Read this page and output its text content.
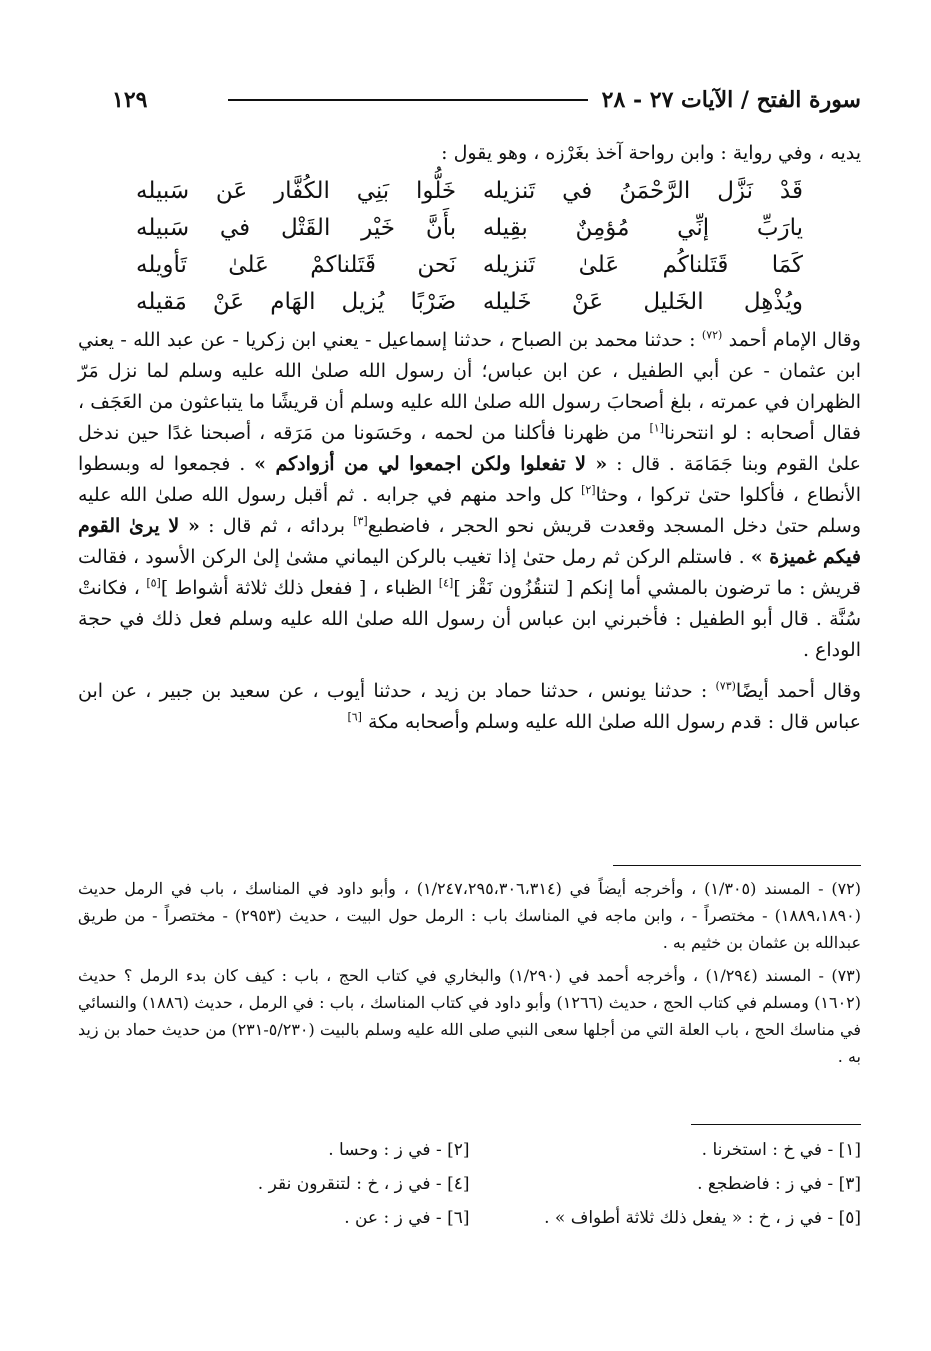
سورة الفتح / الآيات ٢٧ - ٢٨
١٢٩

يديه ، وفي رواية : وابن رواحة آخذ بغَرْزه ، وهو يقول :

قَدْ نَزَّل الرَّحْمَنُ في تَنزيله
خَلُّوا بَنِي الكُفَّار عَن سَبيله
يارَبِّ إنِّي مُؤمِنٌ بقِيله
بأَنَّ خَيْر القَتْل في سَبيله
كَمَا قَتَلناكُم عَلىٰ تَنزيله
نَحن قَتَلناكمْ عَلىٰ تَأويله
ويُذْهِل الخَليل عَنْ خَليله
ضَرْبًا يُزيل الهَام عَنْ مَقيله

وقال الإمام أحمد $^{(٧٢)}$ : حدثنا محمد بن الصباح ، حدثنا إسماعيل - يعني ابن زكريا - عن عبد الله - يعني ابن عثمان - عن أبي الطفيل ، عن ابن عباس؛ أن رسول الله صلىٰ الله عليه وسلم لما نزل مَرّ الظهران في عمرته ، بلغ أصحابَ رسول الله صلىٰ الله عليه وسلم أن قريشًا ما يتباعثون من العَجَف ، فقال أصحابه : لو انتحرنا[١] من ظهرنا فأكلنا من لحمه ، وحَسَونا من مَرَقه ، أصبحنا غدًا حين ندخل علىٰ القوم وبنا جَمَامَة . قال : « لا تفعلوا ولكن اجمعوا لي من أزوادكم » . فجمعوا له وبسطوا الأنطاع ، فأكلوا حتىٰ تركوا ، وحثا[٢] كل واحد منهم في جرابه . ثم أقبل رسول الله صلىٰ الله عليه وسلم حتىٰ دخل المسجد وقعدت قريش نحو الحجر ، فاضطبع[٣] بردائه ، ثم قال : « لا يرىٰ القوم فيكم غميزة » . فاستلم الركن ثم رمل حتىٰ إذا تغيب بالركن اليماني مشىٰ إلىٰ الركن الأسود ، فقالت قريش : ما ترضون بالمشي أما إنكم [ لتنقُزُون نَقْز ][٤] الظباء ، [ ففعل ذلك ثلاثة أشواط ][٥] ، فكانتْ سُنَّة . قال أبو الطفيل : فأخبرني ابن عباس أن رسول الله صلىٰ الله عليه وسلم فعل ذلك في حجة الوداع .

وقال أحمد أيضًا$^{(٧٣)}$ : حدثنا يونس ، حدثنا حماد بن زيد ، حدثنا أيوب ، عن سعيد بن جبير ، عن ابن عباس قال : قدم رسول الله صلىٰ الله عليه وسلم وأصحابه مكة [٦]

(٧٢) - المسند (١/٣٠٥) ، وأخرجه أيضاً في (١/٢٤٧،٢٩٥،٣٠٦،٣١٤) ، وأبو داود في المناسك ، باب في الرمل حديث (١٨٨٩،١٨٩٠) - مختصراً - ، وابن ماجه في المناسك باب : الرمل حول البيت ، حديث (٢٩٥٣) - مختصراً - من طريق عبدالله بن عثمان بن خثيم به .

(٧٣) - المسند (١/٢٩٤) ، وأخرجه أحمد في (١/٢٩٠) والبخاري في كتاب الحج ، باب : كيف كان بدء الرمل ؟ حديث (١٦٠٢) ومسلم في كتاب الحج ، حديث (١٢٦٦) وأبو داود في كتاب المناسك ، باب : في الرمل ، حديث (١٨٨٦) والنسائي في مناسك الحج ، باب العلة التي من أجلها سعى النبي صلى الله عليه وسلم بالبيت (٥/٢٣٠-٢٣١) من حديث حماد بن زيد به .

[١] - في خ : استخرنا .
[٢] - في ز : وحسا .
[٣] - في ز : فاضطجع .
[٤] - في ز ، خ : لتنقرون نقر .
[٥] - في ز ، خ : « يفعل ذلك ثلاثة أطواف » .
[٦] - في ز : عن .
